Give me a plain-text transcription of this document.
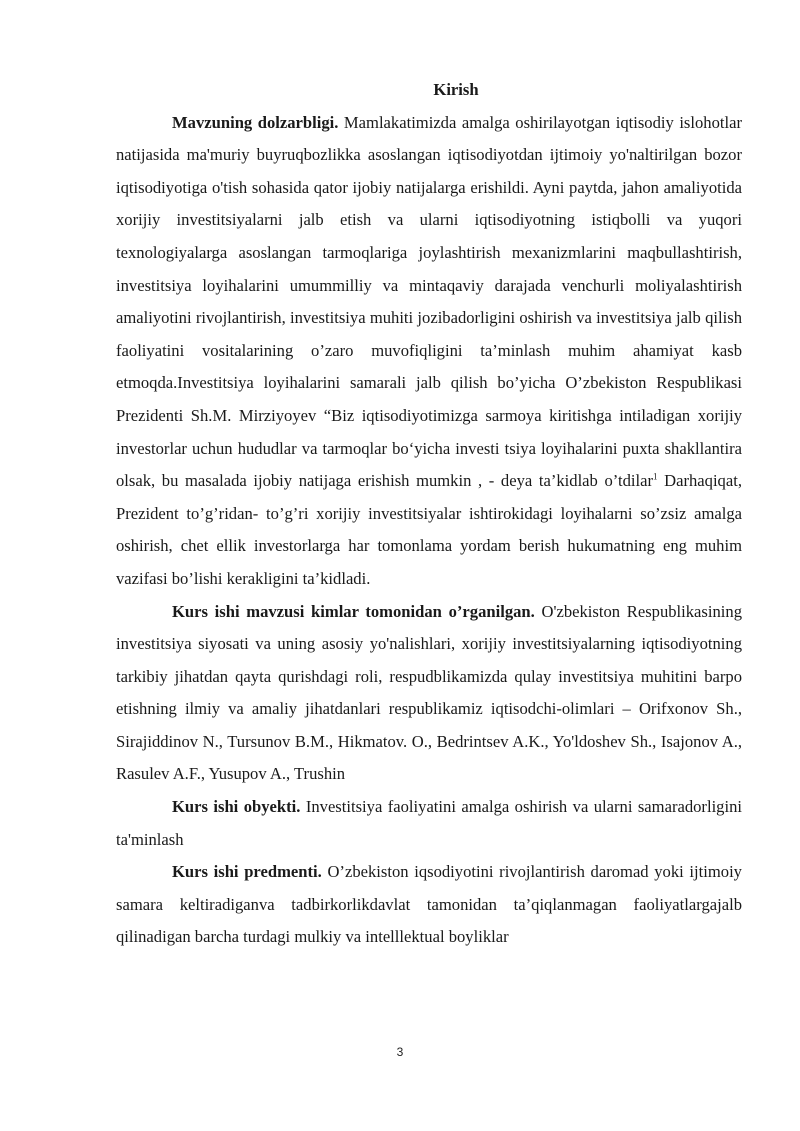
Kirish

Mavzuning dolzarbligi. Mamlakatimizda amalga oshirilayotgan iqtisodiy islohotlar natijasida ma'muriy buyruqbozlikka asoslangan iqtisodiyotdan ijtimoiy yo'naltirilgan bozor iqtisodiyotiga o'tish sohasida qator ijobiy natijalarga erishildi. Ayni paytda, jahon amaliyotida xorijiy investitsiyalarni jalb etish va ularni iqtisodiyotning istiqbolli va yuqori texnologiyalarga asoslangan tarmoqlariga joylashtirish mexanizmlarini maqbullashtirish, investitsiya loyihalarini umummilliy va mintaqaviy darajada venchurli moliyalashtirish amaliyotini rivojlantirish, investitsiya muhiti jozibadorligini oshirish va investitsiya jalb qilish faoliyatini vositalarining o’zaro muvofiqligini ta’minlash muhim ahamiyat kasb etmoqda.Investitsiya loyihalarini samarali jalb qilish bo’yicha O’zbekiston Respublikasi Prezidenti Sh.M. Mirziyoyev “Biz iqtisodiyotimizga sarmoya kiritishga intiladigan xorijiy investorlar uchun hududlar va tarmoqlar bo‘yicha investi tsiya loyihalarini puxta shakllantira olsak, bu masalada ijobiy natijaga erishish mumkin , - deya ta’kidlab o’tdilar$^1$ Darhaqiqat, Prezident to’g’ridan- to’g’ri xorijiy investitsiyalar ishtirokidagi loyihalarni so’zsiz amalga oshirish, chet ellik investorlarga har tomonlama yordam berish hukumatning eng muhim vazifasi bo’lishi kerakligini ta’kidladi.

Kurs ishi mavzusi kimlar tomonidan o’rganilgan. O'zbekiston Respublikasining investitsiya siyosati va uning asosiy yo'nalishlari, xorijiy investitsiyalarning iqtisodiyotning tarkibiy jihatdan qayta qurishdagi roli, respudblikamizda qulay investitsiya muhitini barpo etishning ilmiy va amaliy jihatdanlari respublikamiz iqtisodchi-olimlari – Orifxonov Sh., Sirajiddinov N., Tursunov B.M., Hikmatov. O., Bedrintsev A.K., Yo'ldoshev Sh., Isajonov A., Rasulev A.F., Yusupov A., Trushin

Kurs ishi obyekti. Investitsiya faoliyatini amalga oshirish va ularni samaradorligini ta'minlash

Kurs ishi predmenti. O’zbekiston iqsodiyotini rivojlantirish daromad yoki ijtimoiy samara keltiradiganva tadbirkorlikdavlat tamonidan ta’qiqlanmagan faoliyatlargajalb qilinadigan barcha turdagi mulkiy va intelllektual boyliklar

3
